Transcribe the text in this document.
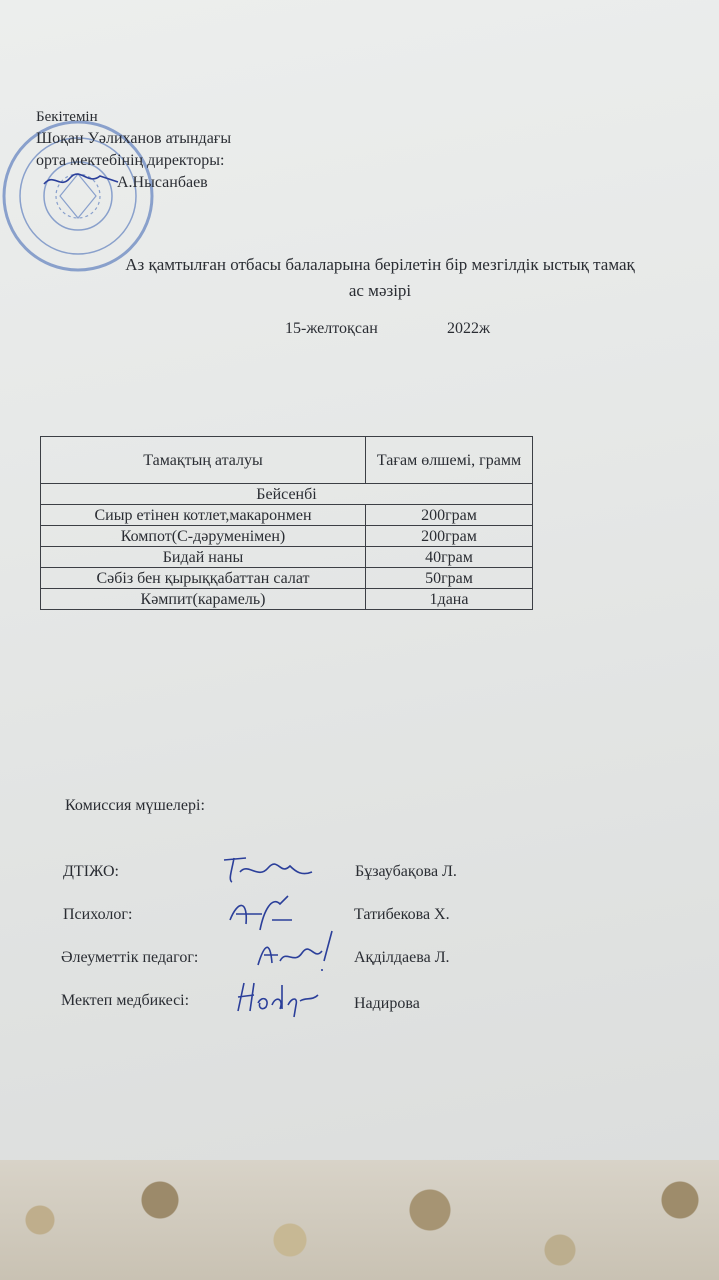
Бекітемін
Шоқан Уәлиханов атындағы
орта мектебінің директоры:
А.Нысанбаев
Аз қамтылған отбасы балаларына берілетін бір мезгілдік ыстық тамақ
ас мәзірі
15-желтоқсан	2022ж
Тамақтың аталуы	Тағам өлшемі, грамм
Бейсенбі	
Сиыр етінен котлет,макаронмен	200грам
Компот(С-дәруменімен)	200грам
Бидай наны	40грам
Сәбіз бен қырыққабаттан салат	50грам
Кәмпит(карамель)	1дана
Комиссия мүшелері:
ДТІЖО:	Бұзаубақова Л.
Психолог:	Татибекова Х.
Әлеуметтік педагог:	Ақділдаева Л.
Мектеп медбикесі:	Надирова
